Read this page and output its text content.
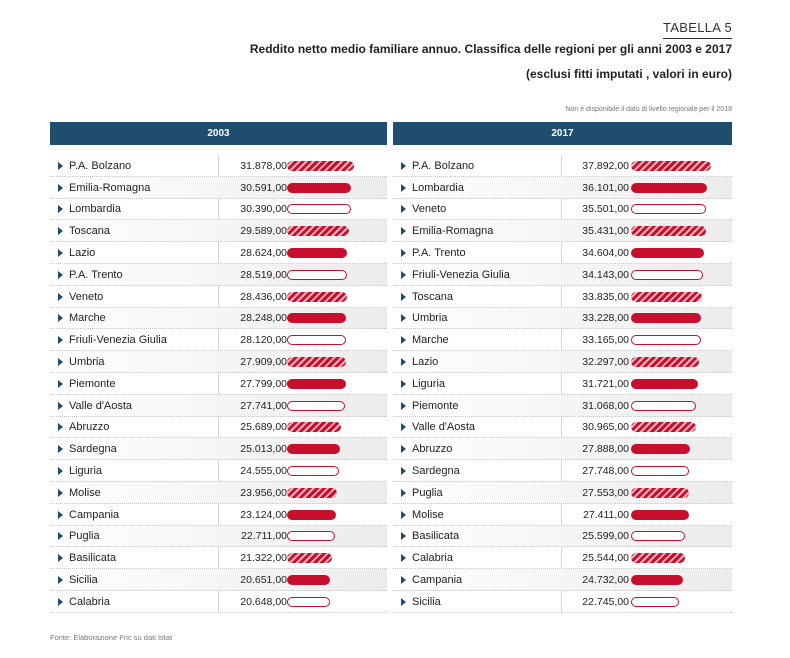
TABELLA 5
Reddito netto medio familiare annuo. Classifica delle regioni per gli anni 2003 e 2017
(esclusi fitti imputati , valori in euro)
Non è disponibile il dato di livello regionale per il 2018
2003
P.A. Bolzano	31.878,00
Emilia-Romagna	30.591,00
Lombardia	30.390,00
Toscana	29.589,00
Lazio	28.624,00
P.A. Trento	28.519,00
Veneto	28.436,00
Marche	28.248,00
Friuli-Venezia Giulia	28.120,00
Umbria	27.909,00
Piemonte	27.799,00
Valle d'Aosta	27.741,00
Abruzzo	25.689,00
Sardegna	25.013,00
Liguria	24.555,00
Molise	23.956,00
Campania	23.124,00
Puglia	22.711,00
Basilicata	21.322,00
Sicilia	20.651,00
Calabria	20.648,00
2017
P.A. Bolzano	37.892,00
Lombardia	36.101,00
Veneto	35.501,00
Emilia-Romagna	35.431,00
P.A. Trento	34.604,00
Friuli-Venezia Giulia	34.143,00
Toscana	33.835,00
Umbria	33.228,00
Marche	33.165,00
Lazio	32.297,00
Liguria	31.721,00
Piemonte	31.068,00
Valle d'Aosta	30.965,00
Abruzzo	27.888,00
Sardegna	27.748,00
Puglia	27.553,00
Molise	27.411,00
Basilicata	25.599,00
Calabria	25.544,00
Campania	24.732,00
Sicilia	22.745,00
Fonte: Elaborazione Fnc su dati Istat
